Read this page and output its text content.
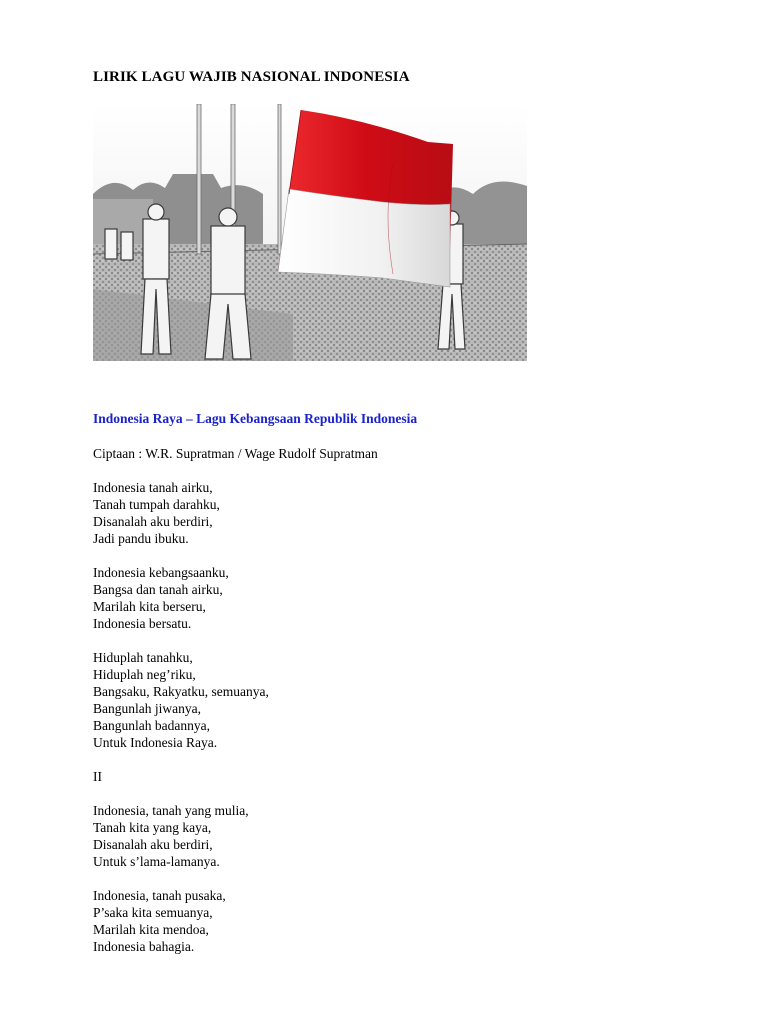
LIRIK LAGU WAJIB NASIONAL INDONESIA
Indonesia Raya – Lagu Kebangsaan Republik Indonesia
Ciptaan : W.R. Supratman / Wage Rudolf Supratman
Indonesia tanah airku,
Tanah tumpah darahku,
Disanalah aku berdiri,
Jadi pandu ibuku.
Indonesia kebangsaanku,
Bangsa dan tanah airku,
Marilah kita berseru,
Indonesia bersatu.
Hiduplah tanahku,
Hiduplah neg’riku,
Bangsaku, Rakyatku, semuanya,
Bangunlah jiwanya,
Bangunlah badannya,
Untuk Indonesia Raya.
II
Indonesia, tanah yang mulia,
Tanah kita yang kaya,
Disanalah aku berdiri,
Untuk s’lama-lamanya.
Indonesia, tanah pusaka,
P’saka kita semuanya,
Marilah kita mendoa,
Indonesia bahagia.
